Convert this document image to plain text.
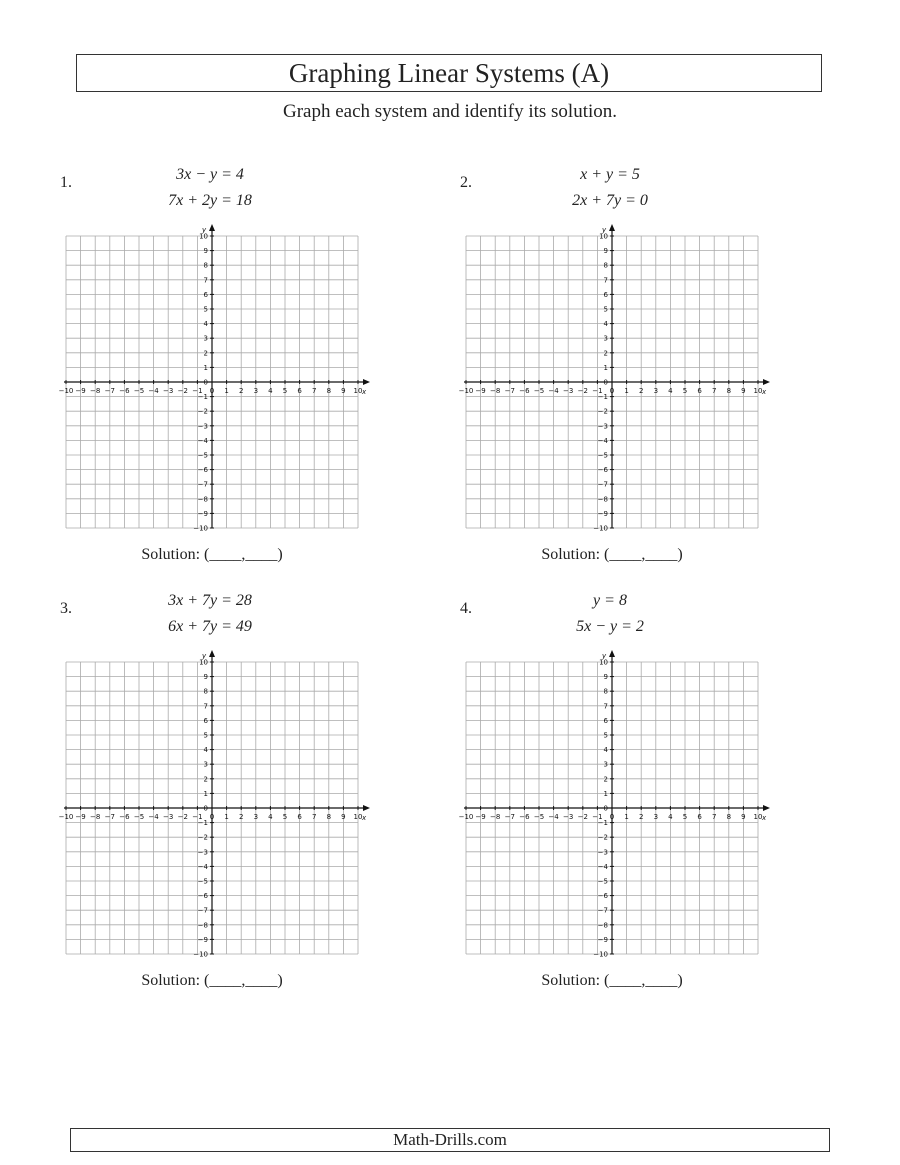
Graphing Linear Systems (A)
Graph each system and identify its solution.
1.	3x − y = 4
7x + 2y = 18
x
y
−10
−10
−9
−9
−8
−8
−7
−7
−6
−6
−5
−5
−4
−4
−3
−3
−2
−2
−1
−1
0
0
1
1
2
2
3
3
4
4
5
5
6
6
7
7
8
8
9
9
10
10
Solution: (____,____)
2.	x + y = 5
2x + 7y = 0
x
y
−10
−10
−9
−9
−8
−8
−7
−7
−6
−6
−5
−5
−4
−4
−3
−3
−2
−2
−1
−1
0
0
1
1
2
2
3
3
4
4
5
5
6
6
7
7
8
8
9
9
10
10
Solution: (____,____)
3.	3x + 7y = 28
6x + 7y = 49
x
y
−10
−10
−9
−9
−8
−8
−7
−7
−6
−6
−5
−5
−4
−4
−3
−3
−2
−2
−1
−1
0
0
1
1
2
2
3
3
4
4
5
5
6
6
7
7
8
8
9
9
10
10
Solution: (____,____)
4.	y = 8
5x − y = 2
x
y
−10
−10
−9
−9
−8
−8
−7
−7
−6
−6
−5
−5
−4
−4
−3
−3
−2
−2
−1
−1
0
0
1
1
2
2
3
3
4
4
5
5
6
6
7
7
8
8
9
9
10
10
Solution: (____,____)
Math-Drills.com
